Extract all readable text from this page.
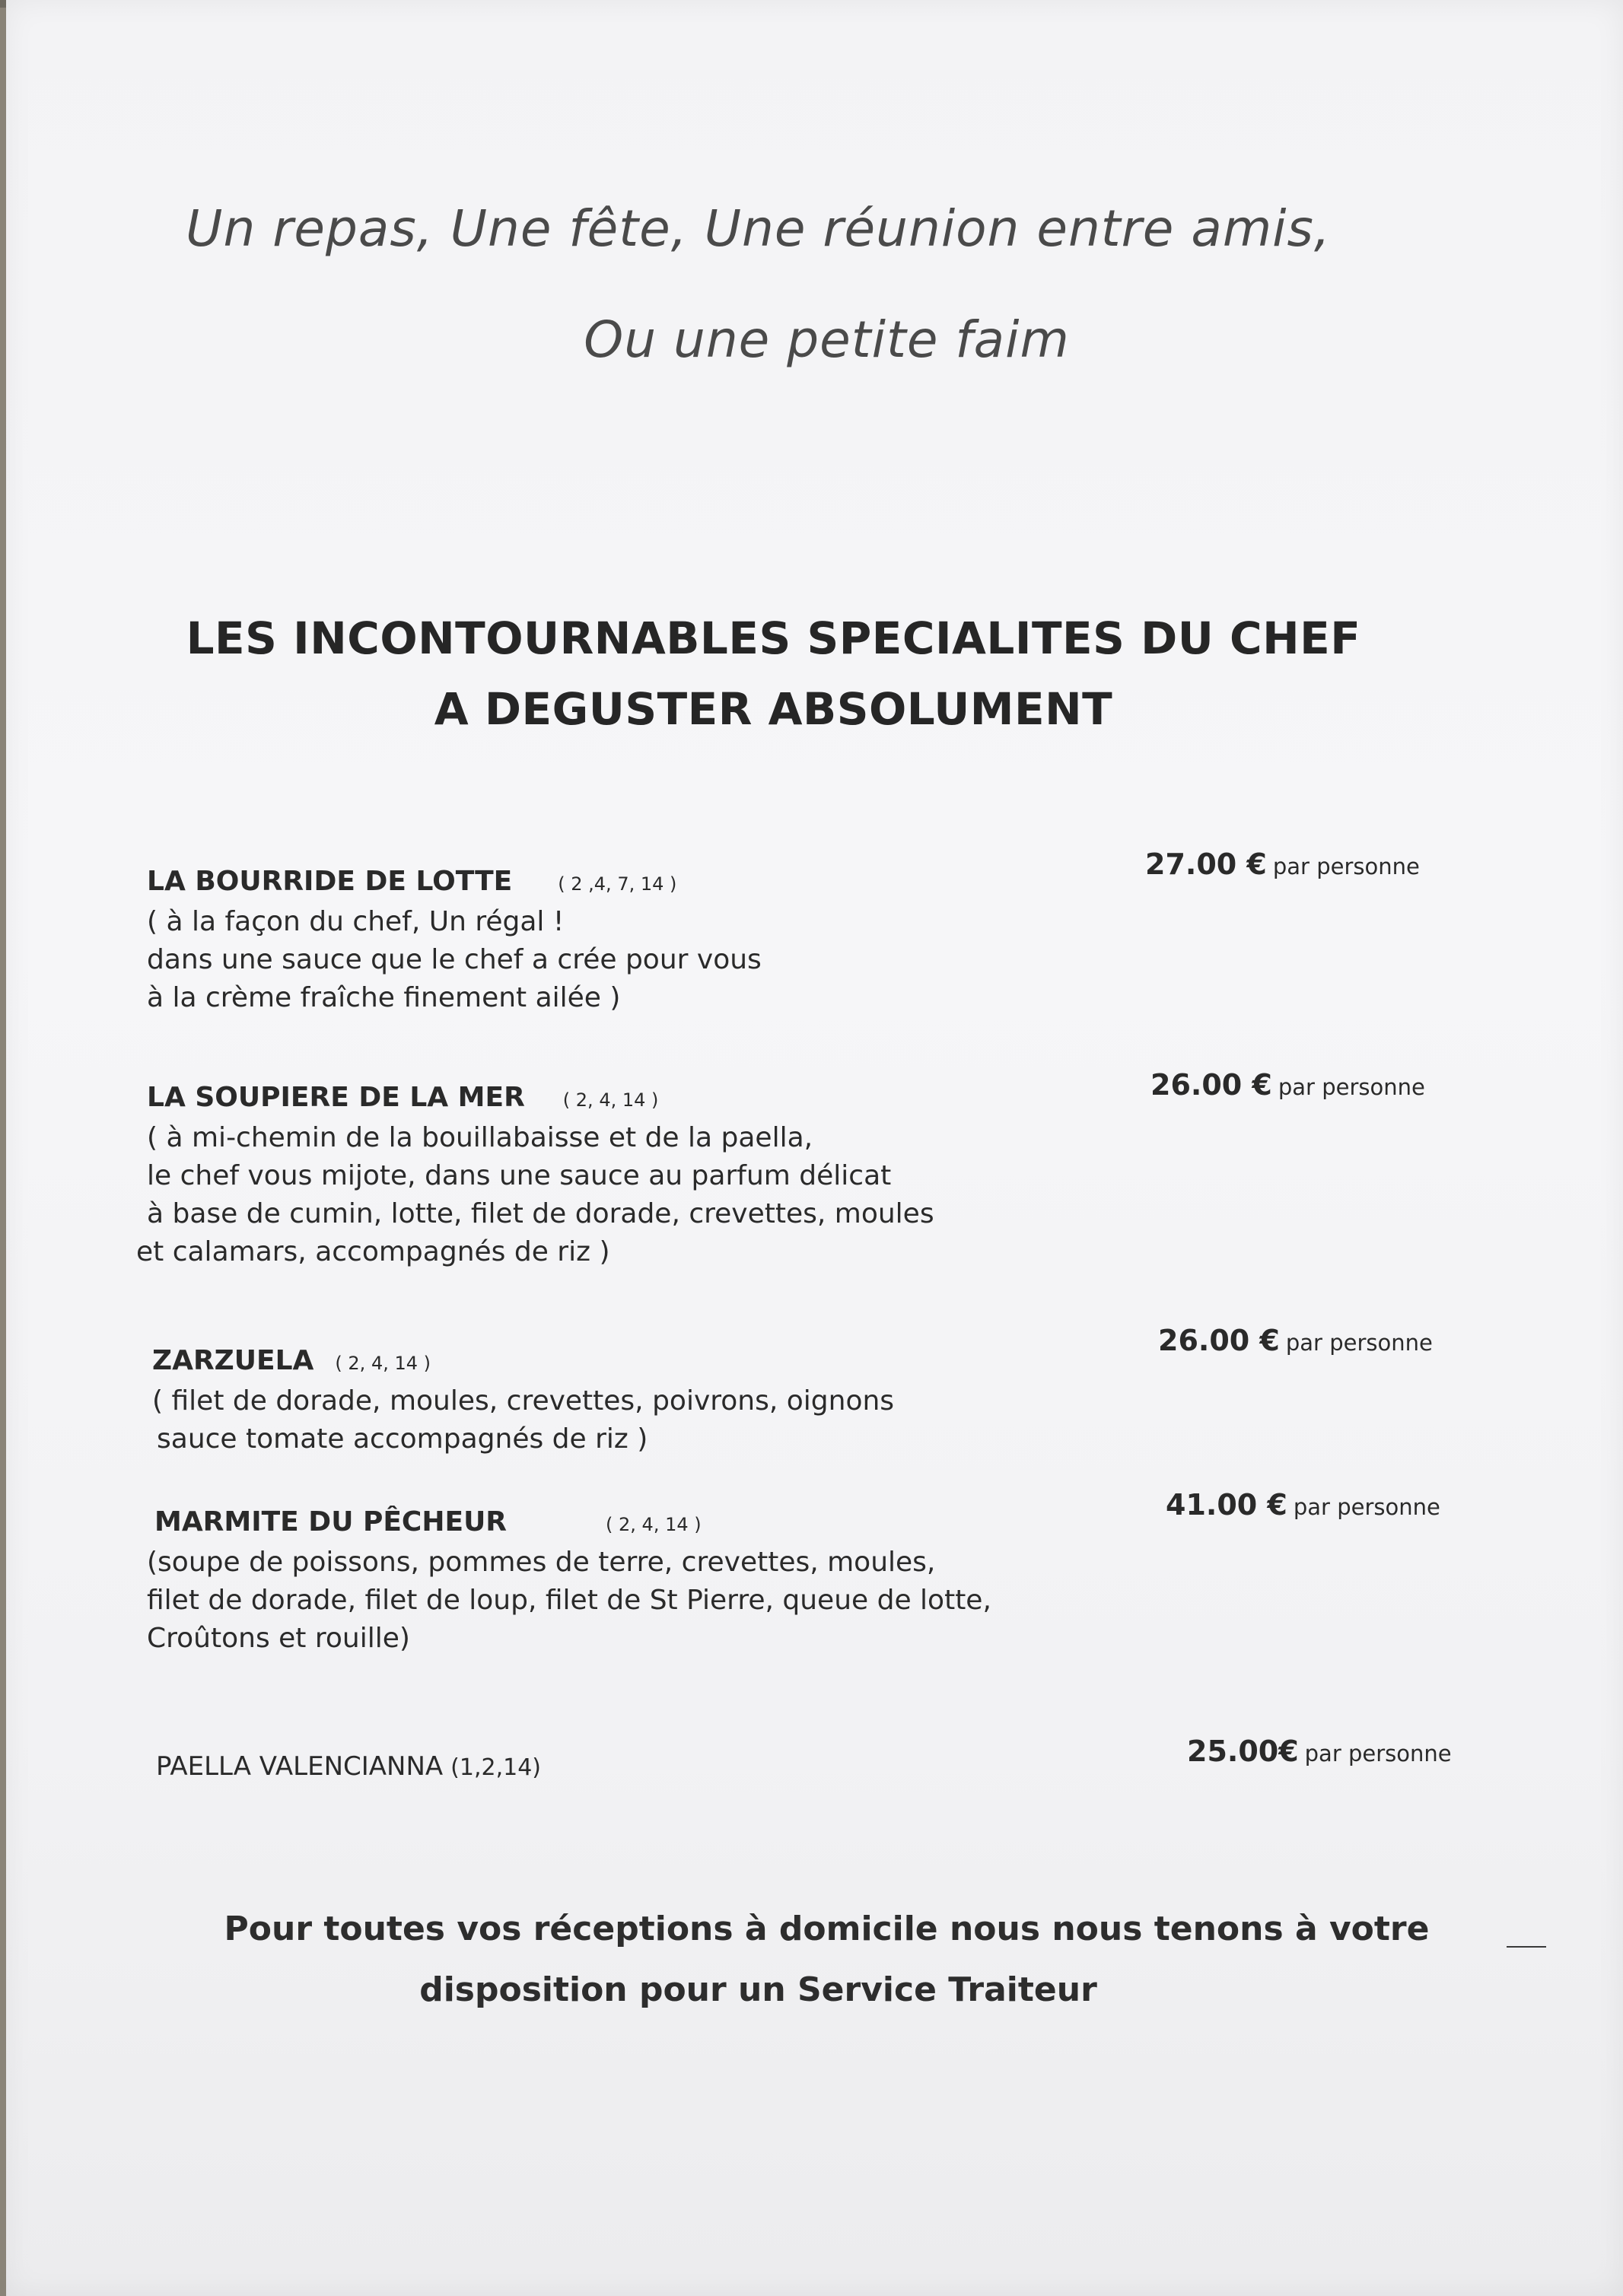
Un repas, Une fête, Une réunion entre amis,
Ou une petite faim
LES INCONTOURNABLES SPECIALITES DU CHEF
A DEGUSTER ABSOLUMENT
LA BOURRIDE DE LOTTE	( 2 ,4, 7, 14 )
( à la façon du chef, Un régal !
dans une sauce que le chef a crée pour vous
à la crème fraîche finement ailée )
27.00 € par personne
LA SOUPIERE DE LA MER ( 2, 4, 14 )
( à mi-chemin de la bouillabaisse et de la paella,
le chef vous mijote, dans une sauce au parfum délicat
à base de cumin, lotte, filet de dorade, crevettes, moules
et calamars, accompagnés de riz )
26.00 € par personne
ZARZUELA ( 2, 4, 14 )
( filet de dorade, moules, crevettes, poivrons, oignons
sauce tomate accompagnés de riz )
26.00 € par personne
MARMITE DU PÊCHEUR	( 2, 4, 14 )
(soupe de poissons, pommes de terre, crevettes, moules,
filet de dorade, filet de loup, filet de St Pierre, queue de lotte,
Croûtons et rouille)
41.00 € par personne
PAELLA VALENCIANNA (1,2,14)	25.00€ par personne
Pour toutes vos réceptions à domicile nous nous tenons à votre
disposition pour un Service Traiteur
